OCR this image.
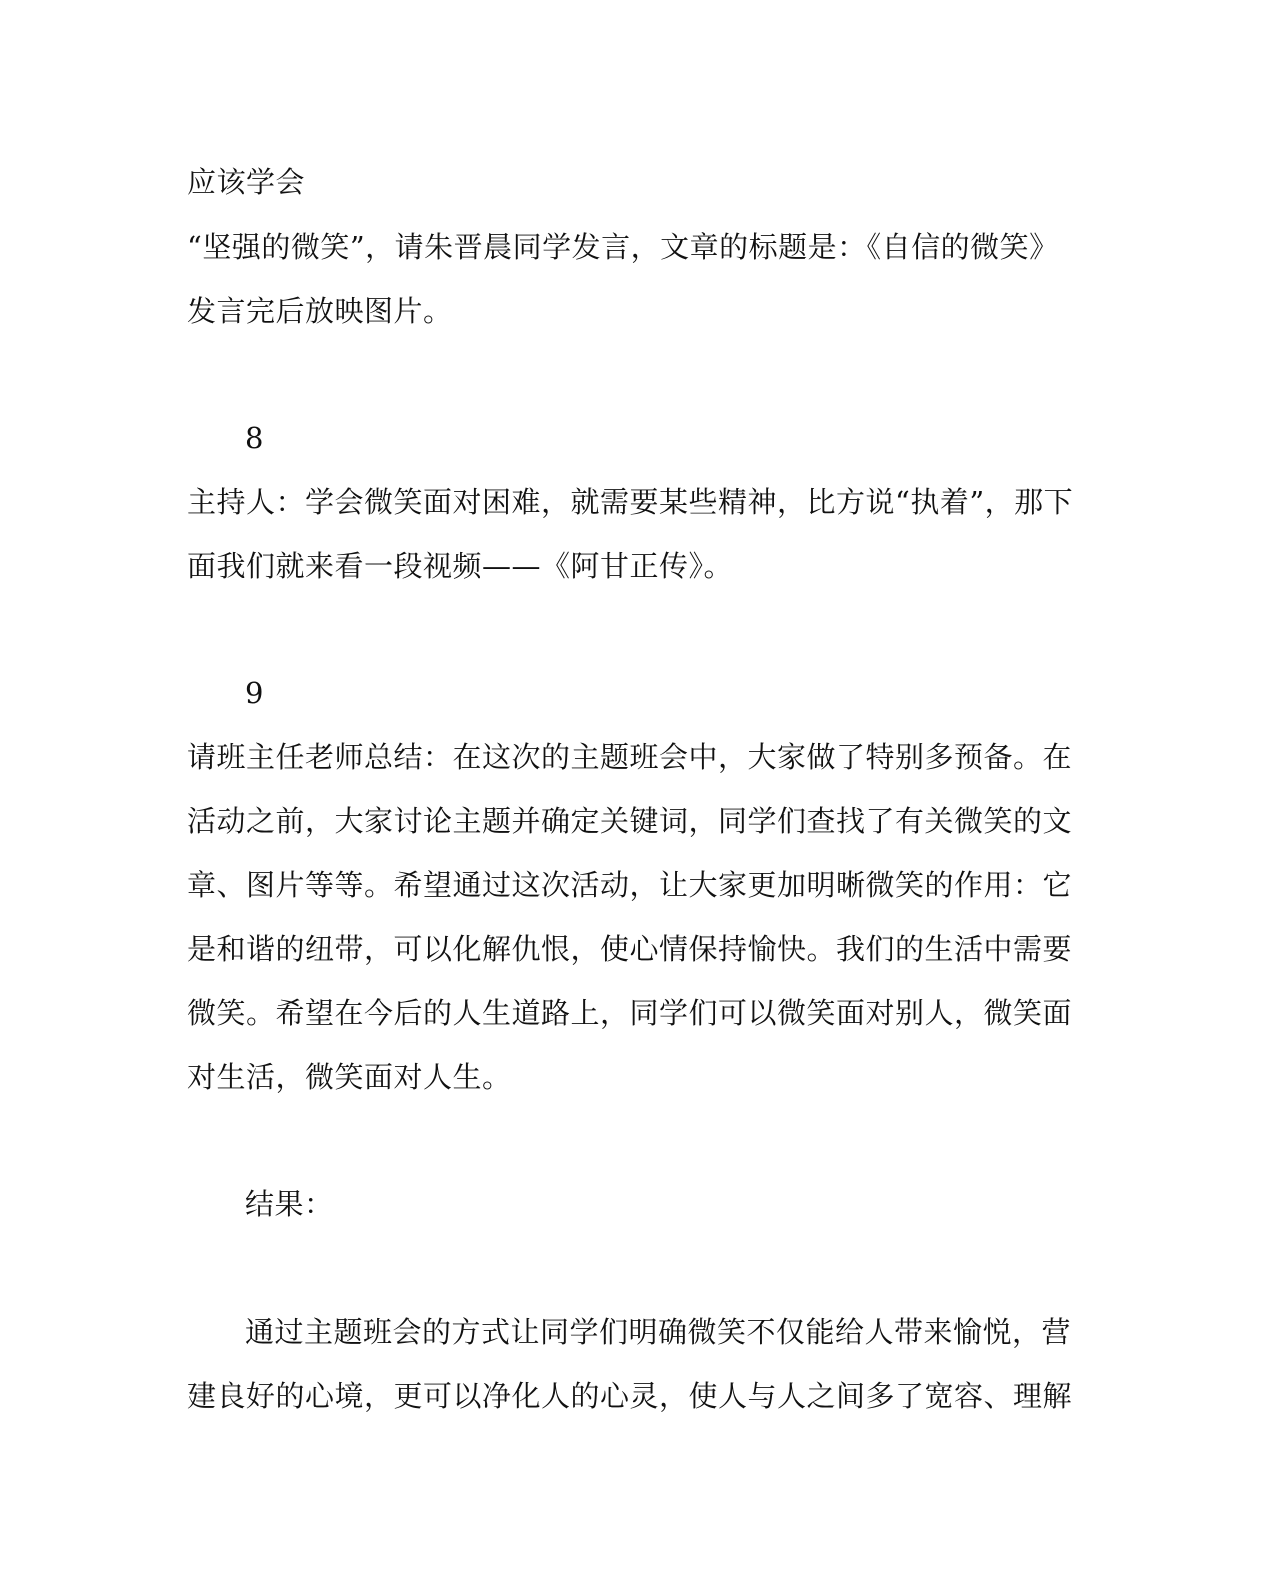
应该学会
“坚强的微笑”，请朱晋晨同学发言，文章的标题是：《自信的微笑》
发言完后放映图片。
8
主持人：学会微笑面对困难，就需要某些精神，比方说“执着”，那下
面我们就来看一段视频——《阿甘正传》。
9
请班主任老师总结：在这次的主题班会中，大家做了特别多预备。在
活动之前，大家讨论主题并确定关键词，同学们查找了有关微笑的文
章、图片等等。希望通过这次活动，让大家更加明晰微笑的作用：它
是和谐的纽带，可以化解仇恨，使心情保持愉快。我们的生活中需要
微笑。希望在今后的人生道路上，同学们可以微笑面对别人，微笑面
对生活，微笑面对人生。
结果：
通过主题班会的方式让同学们明确微笑不仅能给人带来愉悦，营
建良好的心境，更可以净化人的心灵，使人与人之间多了宽容、理解
